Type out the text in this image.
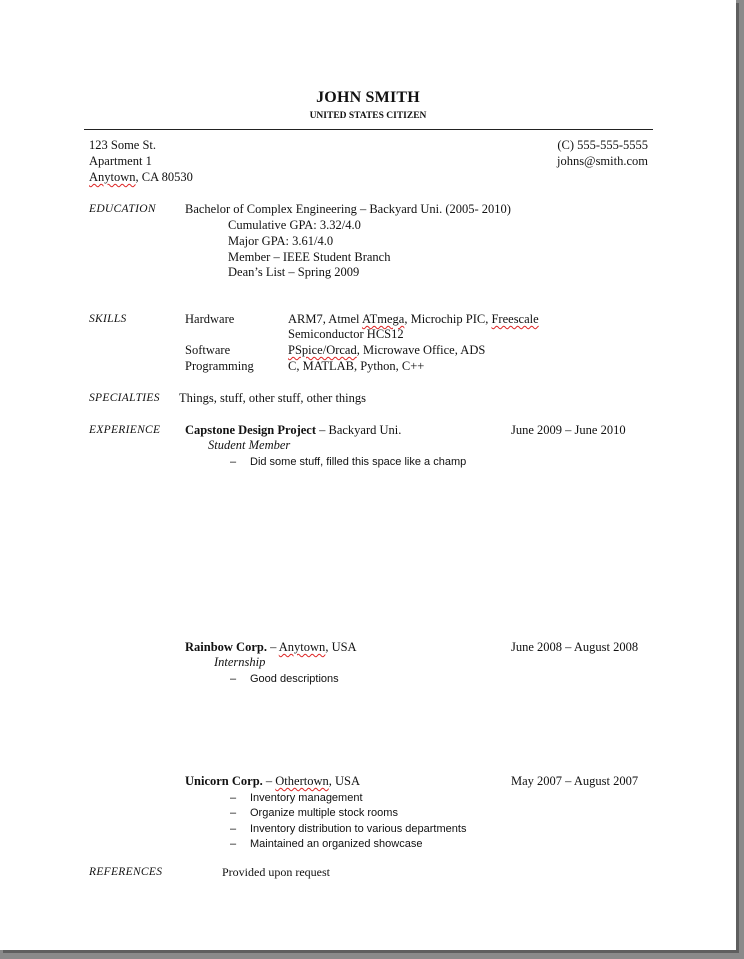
JOHN SMITH
UNITED STATES CITIZEN
123 Some St.
Apartment 1
Anytown, CA 80530
(C) 555-555-5555
johns@smith.com
EDUCATION Bachelor of Complex Engineering – Backyard Uni. (2005- 2010)
Cumulative GPA: 3.32/4.0
Major GPA: 3.61/4.0
Member – IEEE Student Branch
Dean’s List – Spring 2009
SKILLS	Hardware	ARM7, Atmel ATmega, Microchip PIC, Freescale
Semiconductor HCS12
Software	PSpice/Orcad, Microwave Office, ADS
Programming	C, MATLAB, Python, C++
SPECIALTIES Things, stuff, other stuff, other things
EXPERIENCE Capstone Design Project – Backyard Uni.	June 2009 – June 2010
Student Member
– Did some stuff, filled this space like a champ
Rainbow Corp. – Anytown, USA	June 2008 – August 2008
Internship
– Good descriptions
Unicorn Corp. – Othertown, USA	May 2007 – August 2007
– Inventory management
– Organize multiple stock rooms
– Inventory distribution to various departments
– Maintained an organized showcase
REFERENCES	Provided upon request
